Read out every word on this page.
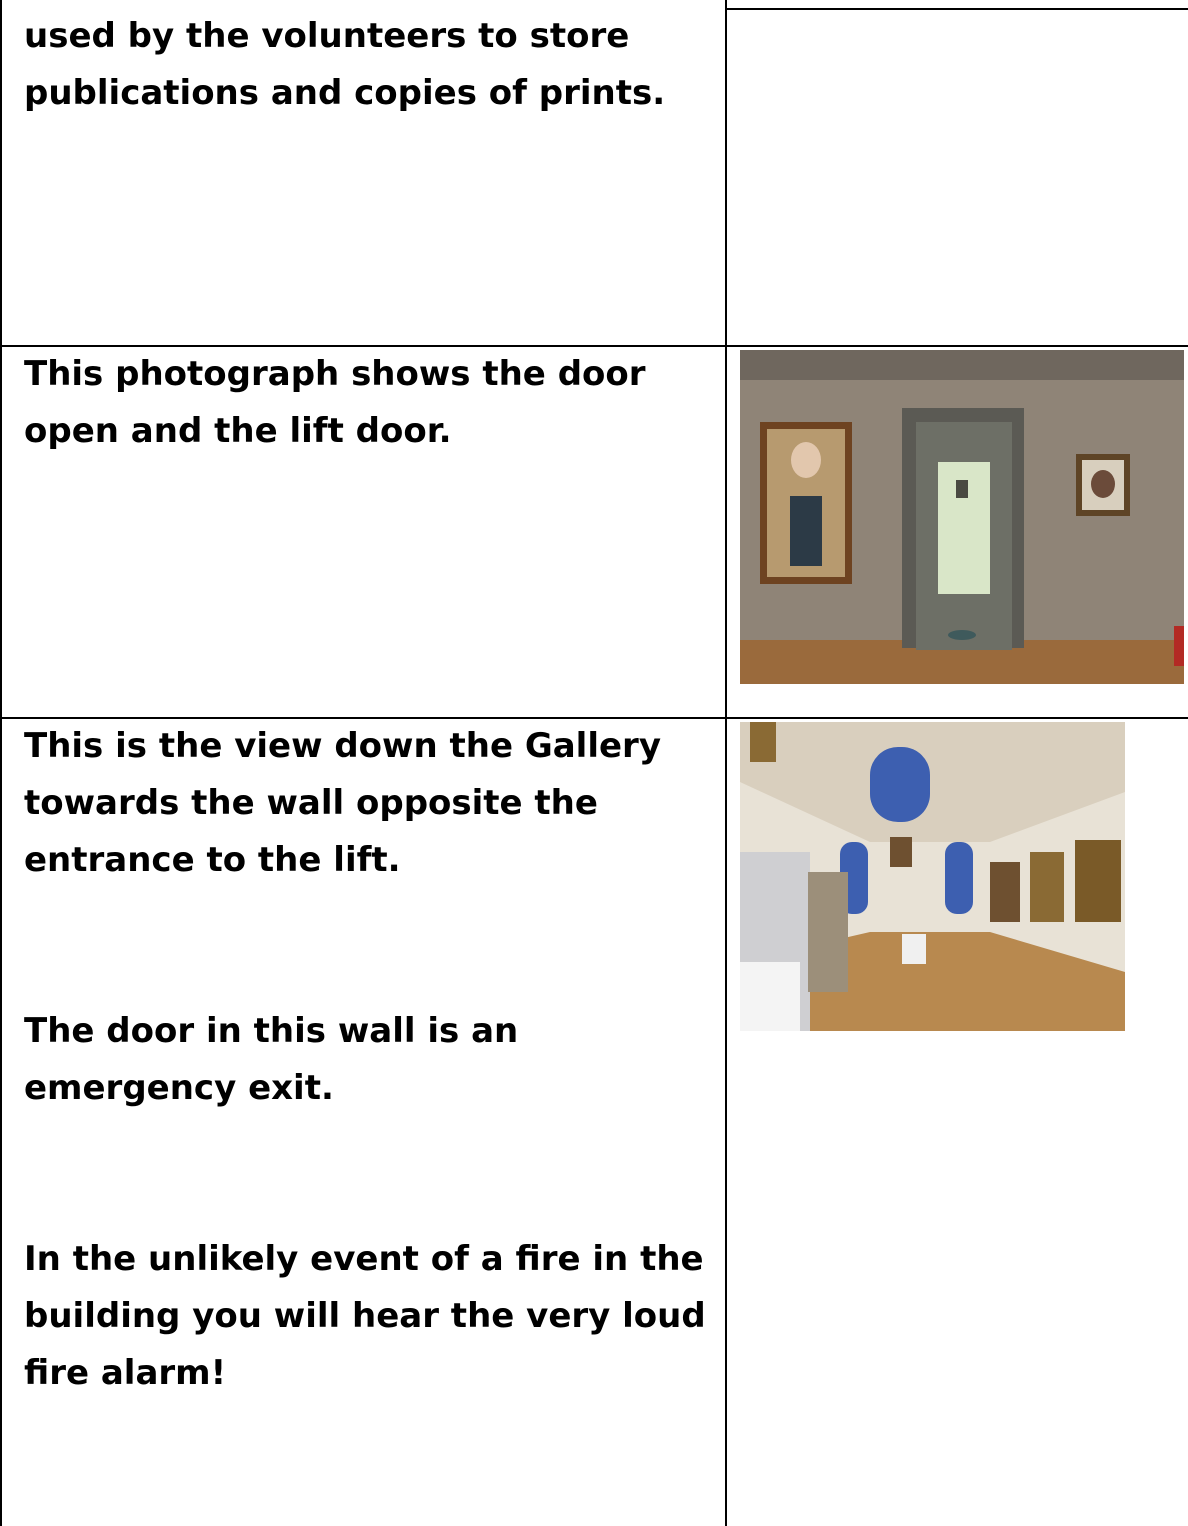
used by the volunteers to store publications and copies of prints.

This photograph shows the door open and the lift door.

This is the view down the Gallery towards the wall opposite the entrance to the lift.

The door in this wall is an emergency exit.

In the unlikely event of a fire in the building you will hear the very loud fire alarm!
